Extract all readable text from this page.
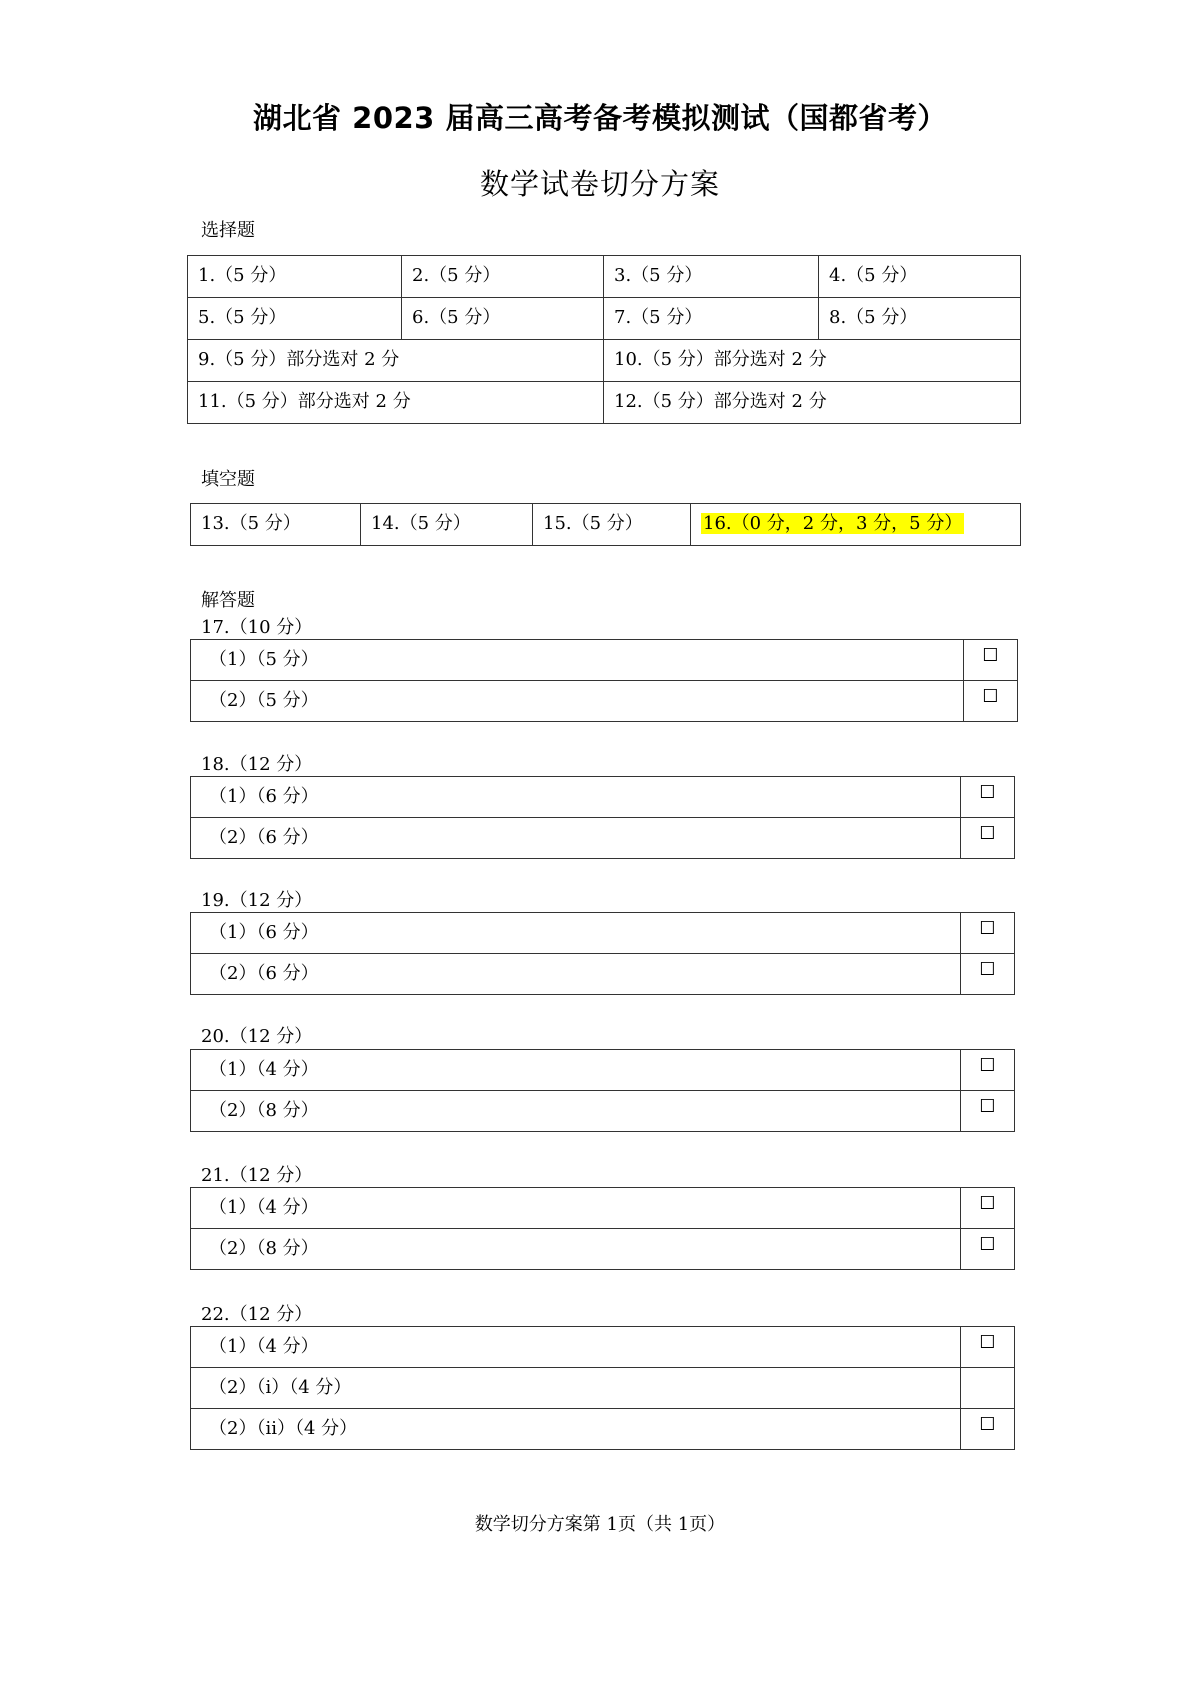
湖北省 2023 届高三高考备考模拟测试（国都省考）
数学试卷切分方案
选择题
1.（5 分）	2.（5 分）	3.（5 分）	4.（5 分）
5.（5 分）	6.（5 分）	7.（5 分）	8.（5 分）
9.（5 分）部分选对 2 分		10.（5 分）部分选对 2 分	
11.（5 分）部分选对 2 分		12.（5 分）部分选对 2 分	
填空题
13.（5 分）	14.（5 分）	15.（5 分）	16.（0 分，2 分，3 分，5 分）
解答题
17.（10 分）
（1）（5 分）	☐
（2）（5 分）	☐
18.（12 分）
（1）（6 分）	☐
（2）（6 分）	☐
19.（12 分）
（1）（6 分）	☐
（2）（6 分）	☐
20.（12 分）
（1）（4 分）	☐
（2）（8 分）	☐
21.（12 分）
（1）（4 分）	☐
（2）（8 分）	☐
22.（12 分）
（1）（4 分）	☐
（2）（i）（4 分）	
（2）（ii）（4 分）	☐
数学切分方案第 1页（共 1页）
